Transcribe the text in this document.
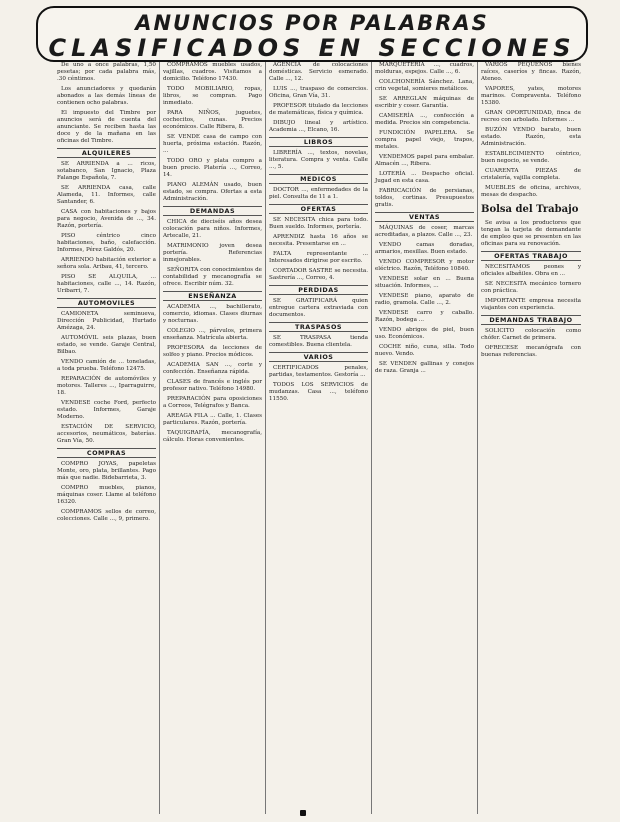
ANUNCIOS POR PALABRAS
CLASIFICADOS EN SECCIONES

De uno a once palabras, 1,50 pesetas; por cada palabra más, .30 céntimos.

Los anunciadores y quedarán abonados a las demás líneas de contienen ocho palabras.

El impuesto del Timbre por anuncios será de cuenta del anunciante. Se reciben hasta las doce y de la mañana en las oficinas del Timbre.

ALQUILERES

SE ARRIENDA a ... ricos, sotabanco, San Ignacio, Plaza Falange Española, 7.

SE ARRIENDA casa, calle Alameda, 11. Informes, calle Santander, 6.

CASA con habitaciones y bajos para negocio, Avenida de ..., 34. Razón, portería.

PISO céntrico cinco habitaciones, baño, calefacción. Informes, Pérez Galdós, 20.

ARRIENDO habitación exterior a señora sola. Aribau, 41, tercero.

PISO SE ALQUILA, ... habitaciones, calle ..., 14. Razón, Uribarri, 7.

AUTOMOVILES

CAMIONETA seminueva, Dirección Publicidad, Hurtado Amézaga, 24.

AUTOMÓVIL seis plazas, buen estado, se vende. Garaje Central, Bilbao.

VENDO camión de ... toneladas, a toda prueba. Teléfono 12475.

REPARACIÓN de automóviles y motores. Talleres ..., Iparraguirre, 18.

VENDESE coche Ford, perfecto estado. Informes, Garaje Moderno.

ESTACIÓN DE SERVICIO, accesorios, neumáticos, baterías. Gran Vía, 50.

COMPRAS

COMPRO JOYAS, papeletas Monte, oro, plata, brillantes. Pago más que nadie. Bidebarrieta, 3.

COMPRO muebles, pianos, máquinas coser. Llame al teléfono 16320.

COMPRAMOS sellos de correo, colecciones. Calle ..., 9, primero.

COMPRAMOS muebles usados, vajillas, cuadros. Visitamos a domicilio. Teléfono 17430.

TODO MOBILIARIO, ropas, libros, se compran. Pago inmediato.

PARA NIÑOS, juguetes, cochecitos, cunas. Precios económicos. Calle Ribera, 8.

SE VENDE casa de campo con huerta, próxima estación. Razón, ...

TODO ORO y plata compro a buen precio. Platería ..., Correo, 14.

PIANO ALEMÁN usado, buen estado, se compra. Ofertas a esta Administración.

DEMANDAS

CHICA de dieciséis años desea colocación para niños. Informes, Artecalle, 21.

MATRIMONIO joven desea portería. Referencias inmejorables.

SEÑORITA con conocimientos de contabilidad y mecanografía se ofrece. Escribir núm. 32.

ENSEÑANZA

ACADEMIA ..., bachillerato, comercio, idiomas. Clases diurnas y nocturnas.

COLEGIO ..., párvulos, primera enseñanza. Matrícula abierta.

PROFESORA da lecciones de solfeo y piano. Precios módicos.

ACADEMIA SAN ..., corte y confección. Enseñanza rápida.

CLASES de francés e inglés por profesor nativo. Teléfono 14980.

PREPARACIÓN para oposiciones a Correos, Telégrafos y Banca.

AREAGA FILA ... Calle, 1. Clases particulares. Razón, portería.

TAQUIGRAFÍA, mecanografía, cálculo. Horas convenientes.

AGENCIA de colocaciones domésticas. Servicio esmerado. Calle ..., 12.

LUIS ..., traspaso de comercios. Oficina, Gran Vía, 31.

PROFESOR titulado da lecciones de matemáticas, física y química.

DIBUJO lineal y artístico. Academia ..., Elcano, 16.

LIBROS

LIBRERÍA ..., textos, novelas, literatura. Compra y venta. Calle ..., 5.

MEDICOS

DOCTOR ..., enfermedades de la piel. Consulta de 11 a 1.

OFERTAS

SE NECESITA chica para todo. Buen sueldo. Informes, portería.

APRENDIZ hasta 16 años se necesita. Presentarse en ...

FALTA representante ... Interesados dirigirse por escrito.

CORTADOR SASTRE se necesita. Sastrería ..., Correo, 4.

PERDIDAS

SE GRATIFICARÁ quien entregue cartera extraviada con documentos.

TRASPASOS

SE TRASPASA tienda comestibles. Buena clientela.

VARIOS

CERTIFICADOS penales, partidas, testamentos. Gestoría ...

TODOS LOS SERVICIOS de mudanzas. Casa ..., teléfono 11550.

MARQUETERÍA ..., cuadros, molduras, espejos. Calle ..., 6.

COLCHONERÍA Sánchez. Lana, crin vegetal, somieres metálicos.

SE ARREGLAN máquinas de escribir y coser. Garantía.

CAMISERÍA ..., confección a medida. Precios sin competencia.

FUNDICIÓN PAPELERA. Se compra papel viejo, trapos, metales.

VENDEMOS papel para embalar. Almacén ..., Ribera.

LOTERÍA ... Despacho oficial. Jugad en esta casa.

FABRICACIÓN de persianas, toldos, cortinas. Presupuestos gratis.

VENTAS

MÁQUINAS de coser, marcas acreditadas, a plazos. Calle ..., 23.

VENDO camas doradas, armarios, mesillas. Buen estado.

VENDO COMPRESOR y motor eléctrico. Razón, Teléfono 10840.

VENDESE solar en ... Buena situación. Informes, ...

VENDESE piano, aparato de radio, gramola. Calle ..., 2.

VENDESE carro y caballo. Razón, bodega ...

VENDO abrigos de piel, buen uso. Económicos.

COCHE niño, cuna, silla. Todo nuevo. Vendo.

SE VENDEN gallinas y conejos de raza. Granja ...

VARIOS PEQUEÑOS bienes raíces, caseríos y fincas. Razón, Ateneo.

VAPORES, yates, motores marinos. Compraventa. Teléfono 15380.

GRAN OPORTUNIDAD, finca de recreo con arbolado. Informes ...

BUZÓN VENDO barato, buen estado. Razón, esta Administración.

ESTABLECIMIENTO céntrico, buen negocio, se vende.

CUARENTA PIEZAS de cristalería, vajilla completa.

MUEBLES de oficina, archivos, mesas de despacho.

Bolsa del Trabajo

Se avisa a los productores que tengan la tarjeta de demandante de empleo que se presenten en las oficinas para su renovación.

OFERTAS TRABAJO

NECESITAMOS peones y oficiales albañiles. Obra en ...

SE NECESITA mecánico tornero con práctica.

IMPORTANTE empresa necesita viajantes con experiencia.

DEMANDAS TRABAJO

SOLICITO colocación como chófer. Carnet de primera.

OFRECESE mecanógrafa con buenas referencias.
